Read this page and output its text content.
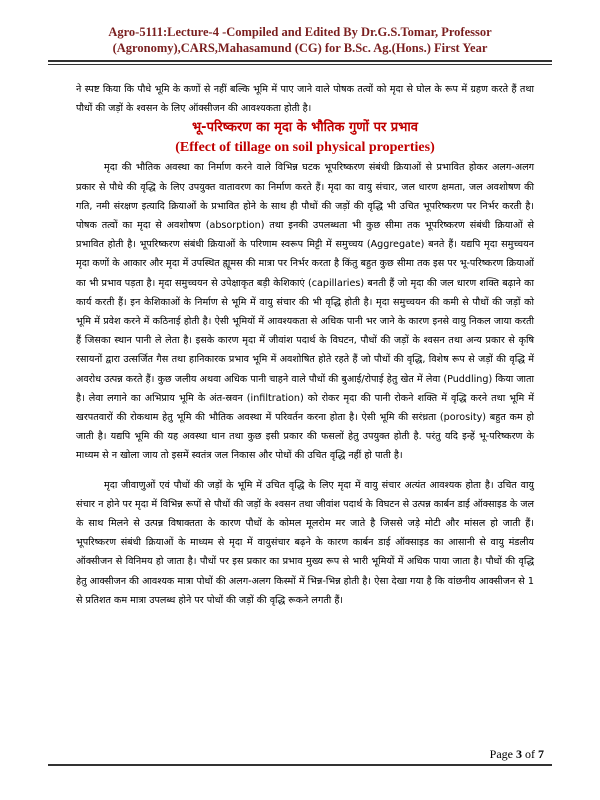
Agro-5111:Lecture-4 -Compiled and Edited By Dr.G.S.Tomar, Professor
(Agronomy),CARS,Mahasamund (CG) for B.Sc. Ag.(Hons.) First Year

ने स्पष्ट किया कि पौधे भूमि के कणों से नहीं बल्कि भूमि में पाए जाने वाले पोषक तत्वों को मृदा से घोल के रूप में ग्रहण करते हैं तथा पौधों की जड़ों के श्वसन के लिए ऑक्सीजन की आवश्यकता होती है।

भू-परिष्करण का मृदा के भौतिक गुणों पर प्रभाव

(Effect of tillage on soil physical properties)

मृदा की भौतिक अवस्था का निर्माण करने वाले विभिन्न घटक भूपरिष्करण संबंधी क्रियाओं से प्रभावित होकर अलग-अलग प्रकार से पौधे की वृद्धि के लिए उपयुक्त वातावरण का निर्माण करते हैं। मृदा का वायु संचार, जल धारण क्षमता, जल अवशोषण की गति, नमी संरक्षण इत्यादि क्रियाओं के प्रभावित होने के साथ ही पौधों की जड़ों की वृद्धि भी उचित भूपरिष्करण पर निर्भर करती है। पोषक तत्वों का मृदा से अवशोषण (absorption) तथा इनकी उपलब्धता भी कुछ सीमा तक भूपरिष्करण संबंधी क्रियाओं से प्रभावित होती है। भूपरिष्करण संबंधी क्रियाओं के परिणाम स्वरूप मिट्टी में समुच्चय (Aggregate) बनते हैं। यद्यपि मृदा समुच्चयन मृदा कणों के आकार और मृदा में उपस्थित ह्यूमस की मात्रा पर निर्भर करता है किंतु बहुत कुछ सीमा तक इस पर भू-परिष्करण क्रियाओं का भी प्रभाव पड़ता है। मृदा समुच्चयन से उपेक्षाकृत बड़ी केशिकाएं (capillaries) बनती हैं जो मृदा की जल धारण शक्ति बढ़ाने का कार्य करती हैं। इन केशिकाओं के निर्माण से भूमि में वायु संचार की भी वृद्धि होती है। मृदा समुच्चयन की कमी से पौधों की जड़ों को भूमि में प्रवेश करने में कठिनाई होती है। ऐसी भूमियों में आवश्यकता से अधिक पानी भर जाने के कारण इनसे वायु निकल जाया करती हैं जिसका स्थान पानी ले लेता है। इसके कारण मृदा में जीवांश पदार्थ के विघटन, पौधों की जड़ों के श्वसन तथा अन्य प्रकार से कृषि रसायनों द्वारा उत्सर्जित गैस तथा हानिकारक प्रभाव भूमि में अवशोषित होते रहते हैं जो पौधों की वृद्धि, विशेष रूप से जड़ों की वृद्धि में अवरोध उत्पन्न करते हैं। कुछ जलीय अथवा अधिक पानी चाहने वाले पौधों की बुआई/रोपाई हेतु खेत में लेवा (Puddling) किया जाता है। लेवा लगाने का अभिप्राय भूमि के अंत-स्रवन (infiltration) को रोकर मृदा की पानी रोकने शक्ति में वृद्धि करने तथा भूमि में खरपतवारों की रोकथाम हेतु भूमि की भौतिक अवस्था में परिवर्तन करना होता है। ऐसी भूमि की सरंध्रता (porosity) बहुत कम हो जाती है। यद्यपि भूमि की यह अवस्था धान तथा कुछ इसी प्रकार की फसलों हेतु उपयुक्त होती है. परंतु यदि इन्हें भू-परिष्करण के माध्यम से न खोला जाय तो इसमें स्वतंत्र जल निकास और पोधों की उचित वृद्धि नहीं हो पाती है।

मृदा जीवाणुओं एवं पौधों की जड़ों के भूमि में उचित वृद्धि के लिए मृदा में वायु संचार अत्यंत आवश्यक होता है। उचित वायु संचार न होने पर मृदा में विभिन्न रूपों से पौधों की जड़ों के श्वसन तथा जीवांश पदार्थ के विघटन से उत्पन्न कार्बन डाई ऑक्साइड के जल के साथ मिलने से उत्पन्न विषाक्तता के कारण पौधों के कोमल मूलरोम मर जाते है जिससे जड़े मोटी और मांसल हो जाती हैं। भूपरिष्करण संबंधी क्रियाओं के माध्यम से मृदा में वायुसंचार बढ़ने के कारण कार्बन डाई ऑक्साइड का आसानी से वायु मंडलीय ऑक्सीजन से विनिमय हो जाता है। पौधों पर इस प्रकार का प्रभाव मुख्य रूप से भारी भूमियों में अधिक पाया जाता है। पौधों की वृद्धि हेतु आक्सीजन की आवश्यक मात्रा पोधों की अलग-अलग किस्मों में भिन्न-भिन्न होती है। ऐसा देखा गया है कि वांछनीय आक्सीजन से 1 से प्रतिशत कम मात्रा उपलब्ध होने पर पोधों की जड़ों की वृद्धि रूकने लगती हैं।

Page 3 of 7
